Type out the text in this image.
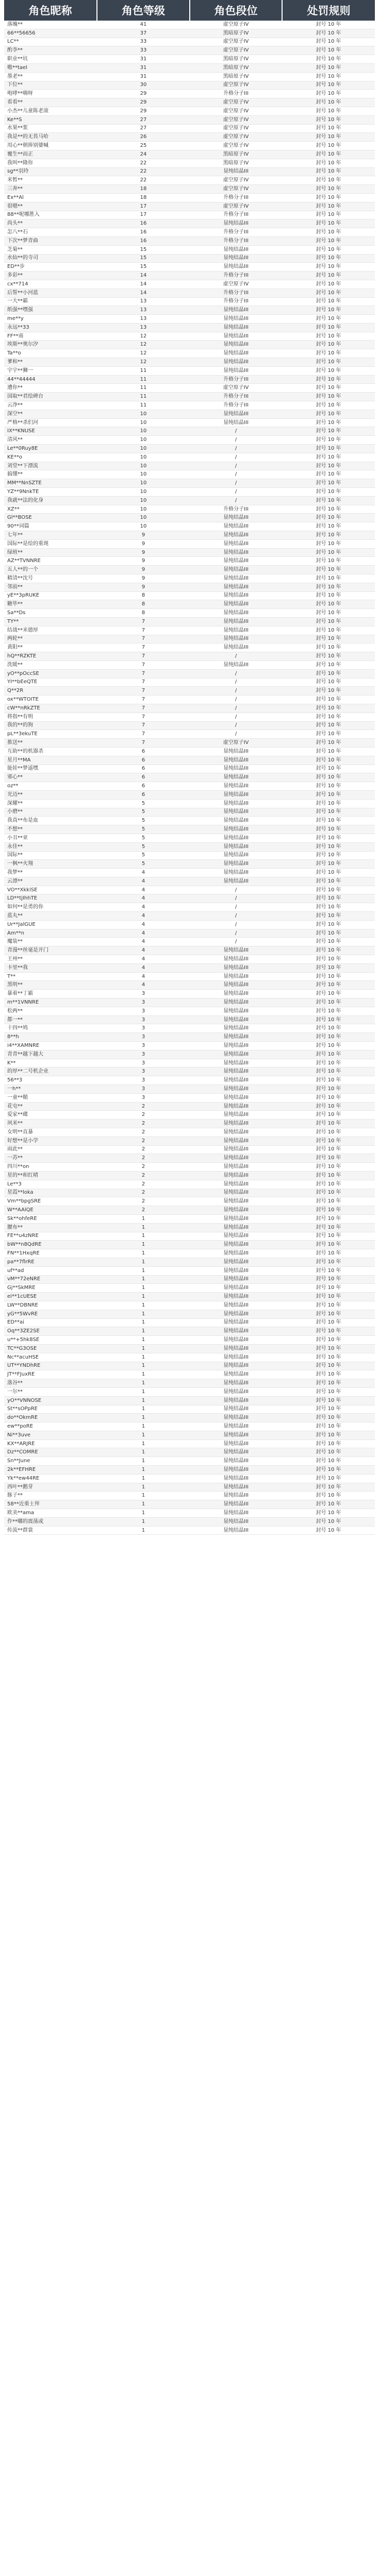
角色昵称	角色等级	角色段位	处罚规则
落魄**	41	虚空原子IV	封号 10 年
66**56656	37	黑暗原子IV	封号 10 年
LC**	33	虚空原子IV	封号 10 年
酌李**	33	虚空原子IV	封号 10 年
职业**坑	31	黑暗原子IV	封号 10 年
嗷**tael	31	黑暗原子IV	封号 10 年
墨老**	31	黑暗原子IV	封号 10 年
下位**	30	虚空原子IV	封号 10 年
咆哮**嗨呀	29	升格分子III	封号 10 年
看看**	29	虚空原子IV	封号 10 年
小杰**儿童陈老滚	29	虚空原子IV	封号 10 年
Ke**S	27	虚空原子IV	封号 10 年
水果**浆	27	虚空原子IV	封号 10 年
我是**的无畏马哈	26	虚空原子IV	封号 10 年
用心**朝捧别婆喊	25	虚空原子IV	封号 10 年
覆生**而正	24	黑暗原子IV	封号 10 年
我叫**隆你	22	黑暗原子IV	封号 10 年
sg**羽玲	22	显纯结晶III	封号 10 年
米暂**	22	虚空原子IV	封号 10 年
三奔**	18	虚空原子IV	封号 10 年
Ex**Al	18	升格分子III	封号 10 年
很嗯**	17	虚空原子IV	封号 10 年
88**呢哪胜入	17	升格分子III	封号 10 年
尚头**	16	显纯结晶III	封号 10 年
怎八**石	16	升格分子III	封号 10 年
下次**梦青曲	16	升格分子III	封号 10 年
芝菊**	15	显纯结晶III	封号 10 年
水仙**的寺司	15	显纯结晶III	封号 10 年
ED**步	15	显纯结晶III	封号 10 年
多彩**	14	升格分子III	封号 10 年
cx**714	14	虚空原子IV	封号 10 年
后誓**小河蓝	14	升格分子III	封号 10 年
一大**霸	13	升格分子III	封号 10 年
纸强**嘿强	13	显纯结晶III	封号 10 年
me**y	13	显纯结晶III	封号 10 年
永远**33	13	显纯结晶III	封号 10 年
FF**南	12	显纯结晶III	封号 10 年
埃斯**奥尔汐	12	显纯结晶III	封号 10 年
Ta**o	12	显纯结晶III	封号 10 年
爹和**	12	显纯结晶III	封号 10 年
宇宇**狮一	11	显纯结晶III	封号 10 年
44**44444	11	升格分子III	封号 10 年
遭你**	11	虚空原子IV	封号 10 年
国取**君绘碑台	11	升格分子III	封号 10 年
云净**	11	升格分子III	封号 10 年
深空**	10	显纯结晶III	封号 10 年
严格**杀们河	10	显纯结晶III	封号 10 年
IX**KNUSE	10	/	封号 10 年
清风**	10	/	封号 10 年
Le**0Ruy8E	10	/	封号 10 年
KE**o	10	/	封号 10 年
刘堂**下漂流	10	/	封号 10 年
搞懂**	10	/	封号 10 年
MM**NnSZTE	10	/	封号 10 年
YZ**9NnkTE	10	/	封号 10 年
我就**法的化身	10	/	封号 10 年
XZ**	10	升格分子III	封号 10 年
Gl**BOSE	10	显纯结晶III	封号 10 年
90**词篇	10	显纯结晶III	封号 10 年
七年**	9	显纯结晶III	封号 10 年
国际**是绘的重现	9	显纯结晶III	封号 10 年
绿班**	9	显纯结晶III	封号 10 年
AZ**TVNNRE	9	显纯结晶III	封号 10 年
五人**的一个	9	显纯结晶III	封号 10 年
精清**沈号	9	显纯结晶III	封号 10 年
邻前**	9	显纯结晶III	封号 10 年
yE**3pRUKE	8	显纯结晶III	封号 10 年
糖毕**	8	显纯结晶III	封号 10 年
Sa**Ds	8	显纯结晶III	封号 10 年
TY**	7	显纯结晶III	封号 10 年
结战**米德厚	7	显纯结晶III	封号 10 年
两轮**	7	显纯结晶III	封号 10 年
黄阳**	7	显纯结晶III	封号 10 年
hQ**RZKTE	7	/	封号 10 年
洗暖**	7	显纯结晶III	封号 10 年
yO**pOccSE	7	/	封号 10 年
YI**bEeQTE	7	/	封号 10 年
Q**2R	7	/	封号 10 年
ox**WTOITE	7	/	封号 10 年
cW**nRkZTE	7	/	封号 10 年
将指**有明	7	/	封号 10 年
我的**的狗	7	/	封号 10 年
pL**3ekuTE	7	/	封号 10 年
推送**	7	虚空原子IV	封号 10 年
互助**的机器杀	6	显纯结晶III	封号 10 年
星月**MA	6	显纯结晶III	封号 10 年
能娃**梦遥嘿	6	显纯结晶III	封号 10 年
邪心**	6	显纯结晶III	封号 10 年
oz**	6	显纯结晶III	封号 10 年
光迈**	6	显纯结晶III	封号 10 年
深耀**	5	显纯结晶III	封号 10 年
小磨**	5	显纯结晶III	封号 10 年
我真**布是血	5	显纯结晶III	封号 10 年
不想**	5	显纯结晶III	封号 10 年
小丑**亚	5	显纯结晶III	封号 10 年
永佳**	5	显纯结晶III	封号 10 年
国际**	5	显纯结晶III	封号 10 年
一枫**火翔	5	显纯结晶III	封号 10 年
我梦**	4	显纯结晶III	封号 10 年
云漂**	4	显纯结晶III	封号 10 年
VO**XkkiSE	4	/	封号 10 年
LD**tjIhhTE	4	/	封号 10 年
如何**是勇的你	4	/	封号 10 年
蓝丸**	4	/	封号 10 年
Ur**JalGUE	4	/	封号 10 年
Am**n	4	/	封号 10 年
魔装**	4	/	封号 10 年
青漫**丝毫是开门	4	显纯结晶III	封号 10 年
王州**	4	显纯结晶III	封号 10 年
卡里**我	4	显纯结晶III	封号 10 年
T**	4	显纯结晶III	封号 10 年
黑明**	4	显纯结晶III	封号 10 年
暴着**丁霸	3	显纯结晶III	封号 10 年
m**1VNNRE	3	显纯结晶III	封号 10 年
松两**	3	显纯结晶III	封号 10 年
都一**	3	显纯结晶III	封号 10 年
十四**鸠	3	显纯结晶III	封号 10 年
8**h	3	显纯结晶III	封号 10 年
i4**XAMNRE	3	显纯结晶III	封号 10 年
青青**越下越大	3	显纯结晶III	封号 10 年
K**	3	显纯结晶III	封号 10 年
的厚**二号机企业	3	显纯结晶III	封号 10 年
56**3	3	显纯结晶III	封号 10 年
一h**	3	显纯结晶III	封号 10 年
一童**鞘	3	显纯结晶III	封号 10 年
花屯**	2	显纯结晶III	封号 10 年
爱家**碟	2	显纯结晶III	封号 10 年
夙米**	2	显纯结晶III	封号 10 年
女明**直暴	2	显纯结晶III	封号 10 年
好想**是小学	2	显纯结晶III	封号 10 年
雨此**	2	显纯结晶III	封号 10 年
一苏**	2	显纯结晶III	封号 10 年
四川**on	2	显纯结晶III	封号 10 年
星的**和红晴	2	显纯结晶III	封号 10 年
Le**3	2	显纯结晶III	封号 10 年
星霞**loka	2	显纯结晶III	封号 10 年
Vm**bpgSRE	2	显纯结晶III	封号 10 年
W**AAlQE	2	显纯结晶III	封号 10 年
Sk**ohfeRE	1	显纯结晶III	封号 10 年
腰布**	1	显纯结晶III	封号 10 年
FE**u4zNRE	1	显纯结晶III	封号 10 年
bW**n8QdRE	1	显纯结晶III	封号 10 年
FN**1HxqRE	1	显纯结晶III	封号 10 年
pa**7flrRE	1	显纯结晶III	封号 10 年
uf**ad	1	显纯结晶III	封号 10 年
vM**72eNRE	1	显纯结晶III	封号 10 年
Gj**SkMRE	1	显纯结晶III	封号 10 年
ei**1cUESE	1	显纯结晶III	封号 10 年
LW**DBNRE	1	显纯结晶III	封号 10 年
yG**5WvRE	1	显纯结晶III	封号 10 年
ED**ai	1	显纯结晶III	封号 10 年
Oq**3ZE2SE	1	显纯结晶III	封号 10 年
u**+5hk8SE	1	显纯结晶III	封号 10 年
TC**G3OSE	1	显纯结晶III	封号 10 年
Nc**acuHSE	1	显纯结晶III	封号 10 年
UT**YNDhRE	1	显纯结晶III	封号 10 年
JT**FJuxRE	1	显纯结晶III	封号 10 年
落谷**	1	显纯结晶III	封号 10 年
一尔**	1	显纯结晶III	封号 10 年
yO**VNNOSE	1	显纯结晶III	封号 10 年
St**sOPpRE	1	显纯结晶III	封号 10 年
do**OkmRE	1	显纯结晶III	封号 10 年
ew**poRE	1	显纯结晶III	封号 10 年
Ni**3uve	1	显纯结晶III	封号 10 年
KX**ARJRE	1	显纯结晶III	封号 10 年
Dz**COMRE	1	显纯结晶III	封号 10 年
Sn**June	1	显纯结晶III	封号 10 年
2k**EFHRE	1	显纯结晶III	封号 10 年
Yk**ew44RE	1	显纯结晶III	封号 10 年
西叶**鹅芽	1	显纯结晶III	封号 10 年
豚子**	1	显纯结晶III	封号 10 年
58**近重士拜	1	显纯结晶III	封号 10 年
欧美**ama	1	显纯结晶III	封号 10 年
作**嘟的震荡或	1	显纯结晶III	封号 10 年
传流**群裳	1	显纯结晶III	封号 10 年
